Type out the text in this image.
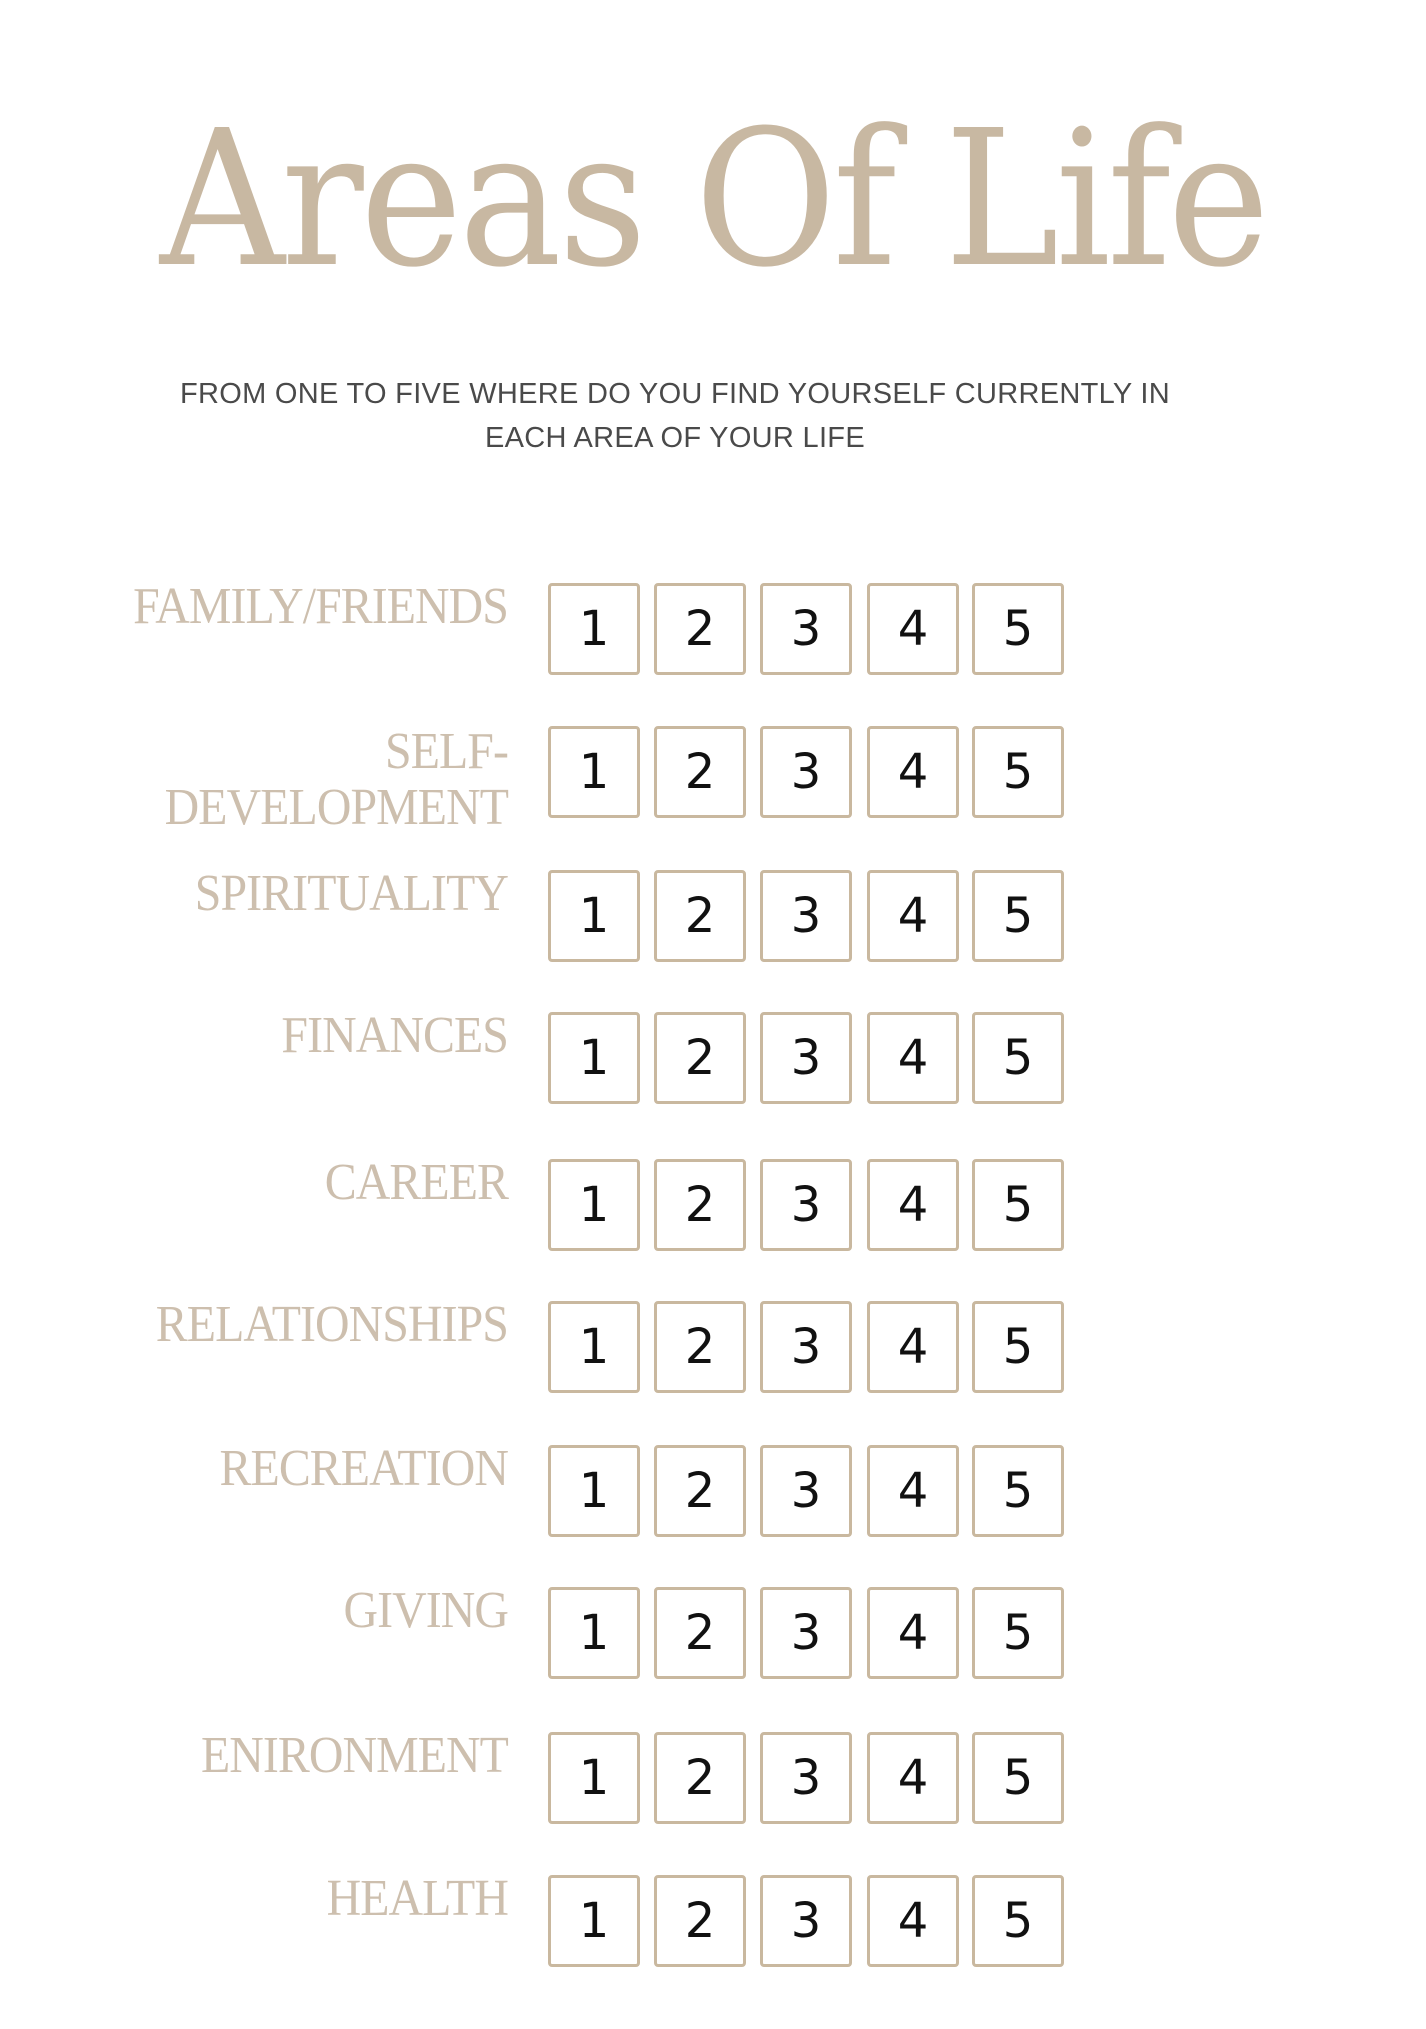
Areas Of Life
FROM ONE TO FIVE WHERE DO YOU FIND YOURSELF CURRENTLY IN
EACH AREA OF YOUR LIFE
FAMILY/FRIENDS	1	2	3	4	5
SELF-
DEVELOPMENT
1	2	3	4	5
SPIRITUALITY	1	2	3	4	5
FINANCES	1	2	3	4	5
CAREER	1	2	3	4	5
RELATIONSHIPS	1	2	3	4	5
RECREATION	1	2	3	4	5
GIVING	1	2	3	4	5
ENIRONMENT	1	2	3	4	5
HEALTH	1	2	3	4	5
